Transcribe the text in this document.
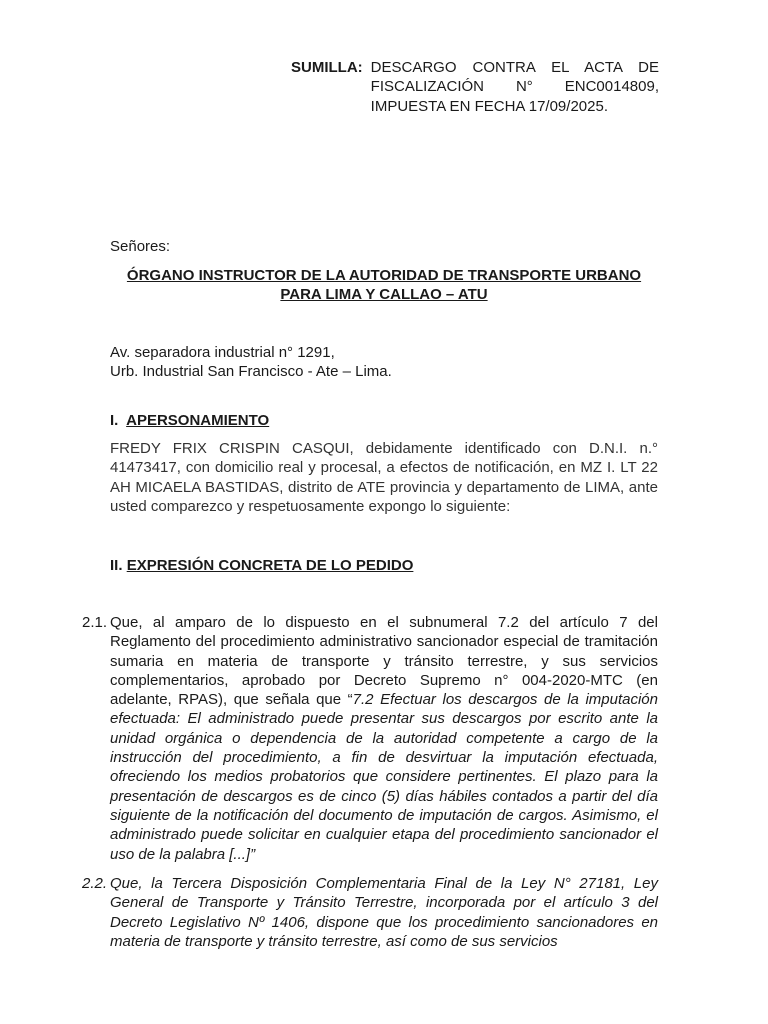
SUMILLA: DESCARGO CONTRA EL ACTA DE FISCALIZACIÓN N° ENC0014809, IMPUESTA EN FECHA 17/09/2025.
Señores:
ÓRGANO INSTRUCTOR DE LA AUTORIDAD DE TRANSPORTE URBANO
PARA LIMA Y CALLAO – ATU
Av. separadora industrial n° 1291,
Urb. Industrial San Francisco - Ate – Lima.
I. APERSONAMIENTO
FREDY FRIX CRISPIN CASQUI, debidamente identificado con D.N.I. n.° 41473417, con domicilio real y procesal, a efectos de notificación, en MZ I. LT 22 AH MICAELA BASTIDAS, distrito de ATE provincia y departamento de LIMA, ante usted comparezco y respetuosamente expongo lo siguiente:
II. EXPRESIÓN CONCRETA DE LO PEDIDO
2.1. Que, al amparo de lo dispuesto en el subnumeral 7.2 del artículo 7 del Reglamento del procedimiento administrativo sancionador especial de tramitación sumaria en materia de transporte y tránsito terrestre, y sus servicios complementarios, aprobado por Decreto Supremo n° 004-2020-MTC (en adelante, RPAS), que señala que “7.2 Efectuar los descargos de la imputación efectuada: El administrado puede presentar sus descargos por escrito ante la unidad orgánica o dependencia de la autoridad competente a cargo de la instrucción del procedimiento, a fin de desvirtuar la imputación efectuada, ofreciendo los medios probatorios que considere pertinentes. El plazo para la presentación de descargos es de cinco (5) días hábiles contados a partir del día siguiente de la notificación del documento de imputación de cargos. Asimismo, el administrado puede solicitar en cualquier etapa del procedimiento sancionador el uso de la palabra [...]”
2.2. Que, la Tercera Disposición Complementaria Final de la Ley N° 27181, Ley General de Transporte y Tránsito Terrestre, incorporada por el artículo 3 del Decreto Legislativo Nº 1406, dispone que los procedimiento sancionadores en materia de transporte y tránsito terrestre, así como de sus servicios
